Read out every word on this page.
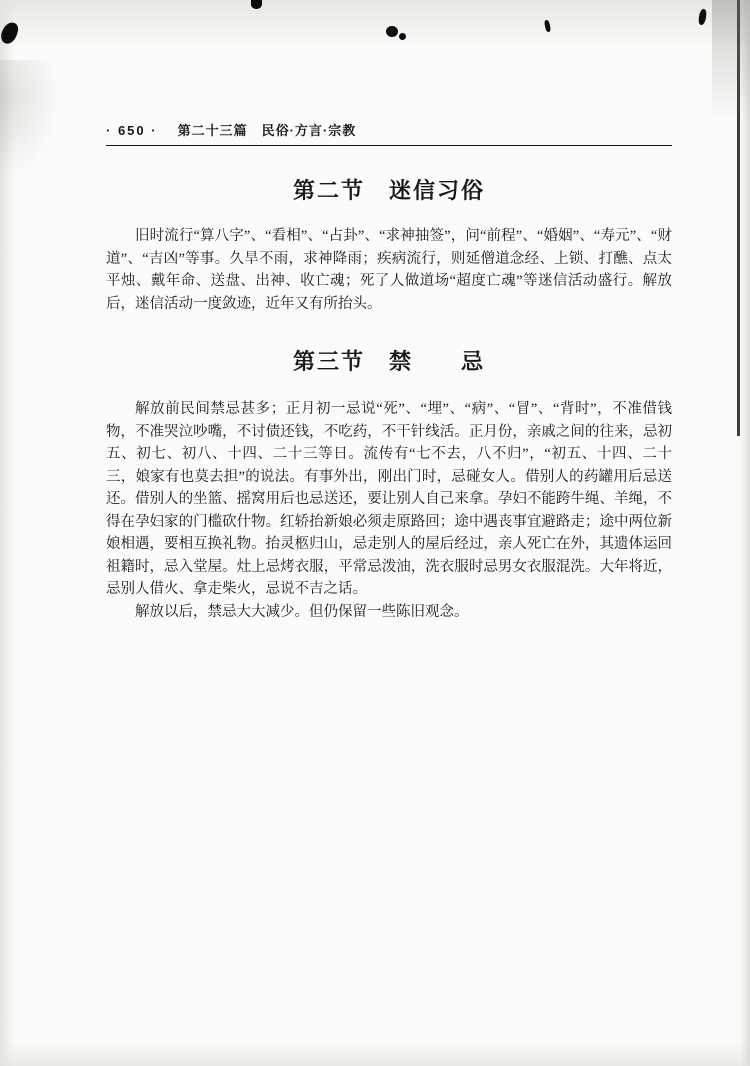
· 650 · 第二十三篇　民俗·方言·宗教
第二节　迷信习俗

旧时流行“算八字”、“看相”、“占卦”、“求神抽签”，问“前程”、“婚姻”、“寿元”、“财道”、“吉凶”等事。久旱不雨，求神降雨；疾病流行，则延僧道念经、上锁、打醮、点太平烛、戴年命、送盘、出神、收亡魂；死了人做道场“超度亡魂”等迷信活动盛行。解放后，迷信活动一度敛迹，近年又有所抬头。

第三节　禁　　忌

解放前民间禁忌甚多；正月初一忌说“死”、“埋”、“病”、“冒”、“背时”，不准借钱物，不准哭泣吵嘴，不讨债还钱，不吃药，不干针线活。正月份，亲戚之间的往来，忌初五、初七、初八、十四、二十三等日。流传有“七不去，八不归”，“初五、十四、二十三，娘家有也莫去担”的说法。有事外出，刚出门时，忌碰女人。借别人的药罐用后忌送还。借别人的坐篮、摇窝用后也忌送还，要让别人自己来拿。孕妇不能跨牛绳、羊绳，不得在孕妇家的门槛砍什物。红轿抬新娘必须走原路回；途中遇丧事宜避路走；途中两位新娘相遇，要相互换礼物。抬灵柩归山，忌走别人的屋后经过，亲人死亡在外，其遗体运回祖籍时，忌入堂屋。灶上忌烤衣服，平常忌泼油，洗衣服时忌男女衣服混洗。大年将近，忌别人借火、拿走柴火，忌说不吉之话。

解放以后，禁忌大大减少。但仍保留一些陈旧观念。
